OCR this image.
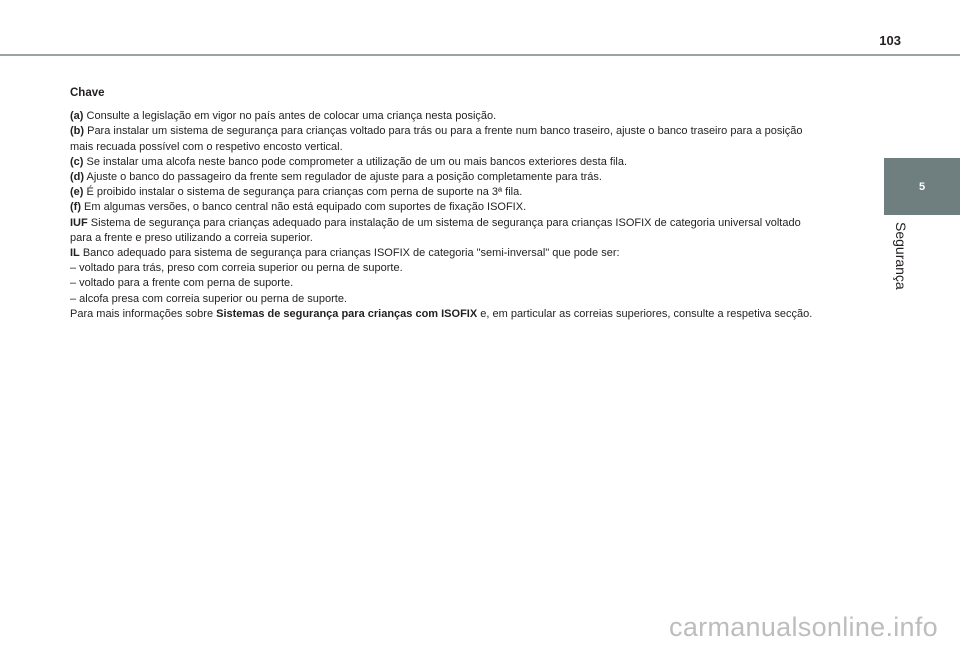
103
5
Segurança

Chave

(a) Consulte a legislação em vigor no país antes de colocar uma criança nesta posição.

(b) Para instalar um sistema de segurança para crianças voltado para trás ou para a frente num banco traseiro, ajuste o banco traseiro para a posição

mais recuada possível com o respetivo encosto vertical.

(c) Se instalar uma alcofa neste banco pode comprometer a utilização de um ou mais bancos exteriores desta fila.

(d) Ajuste o banco do passageiro da frente sem regulador de ajuste para a posição completamente para trás.

(e) É proibido instalar o sistema de segurança para crianças com perna de suporte na 3ª fila.

(f) Em algumas versões, o banco central não está equipado com suportes de fixação ISOFIX.

IUF Sistema de segurança para crianças adequado para instalação de um sistema de segurança para crianças ISOFIX de categoria universal voltado

para a frente e preso utilizando a correia superior.

IL Banco adequado para sistema de segurança para crianças ISOFIX de categoria "semi-inversal" que pode ser:

– voltado para trás, preso com correia superior ou perna de suporte.

– voltado para a frente com perna de suporte.

– alcofa presa com correia superior ou perna de suporte.

Para mais informações sobre Sistemas de segurança para crianças com ISOFIX e, em particular as correias superiores, consulte a respetiva secção.

carmanualsonline.info
